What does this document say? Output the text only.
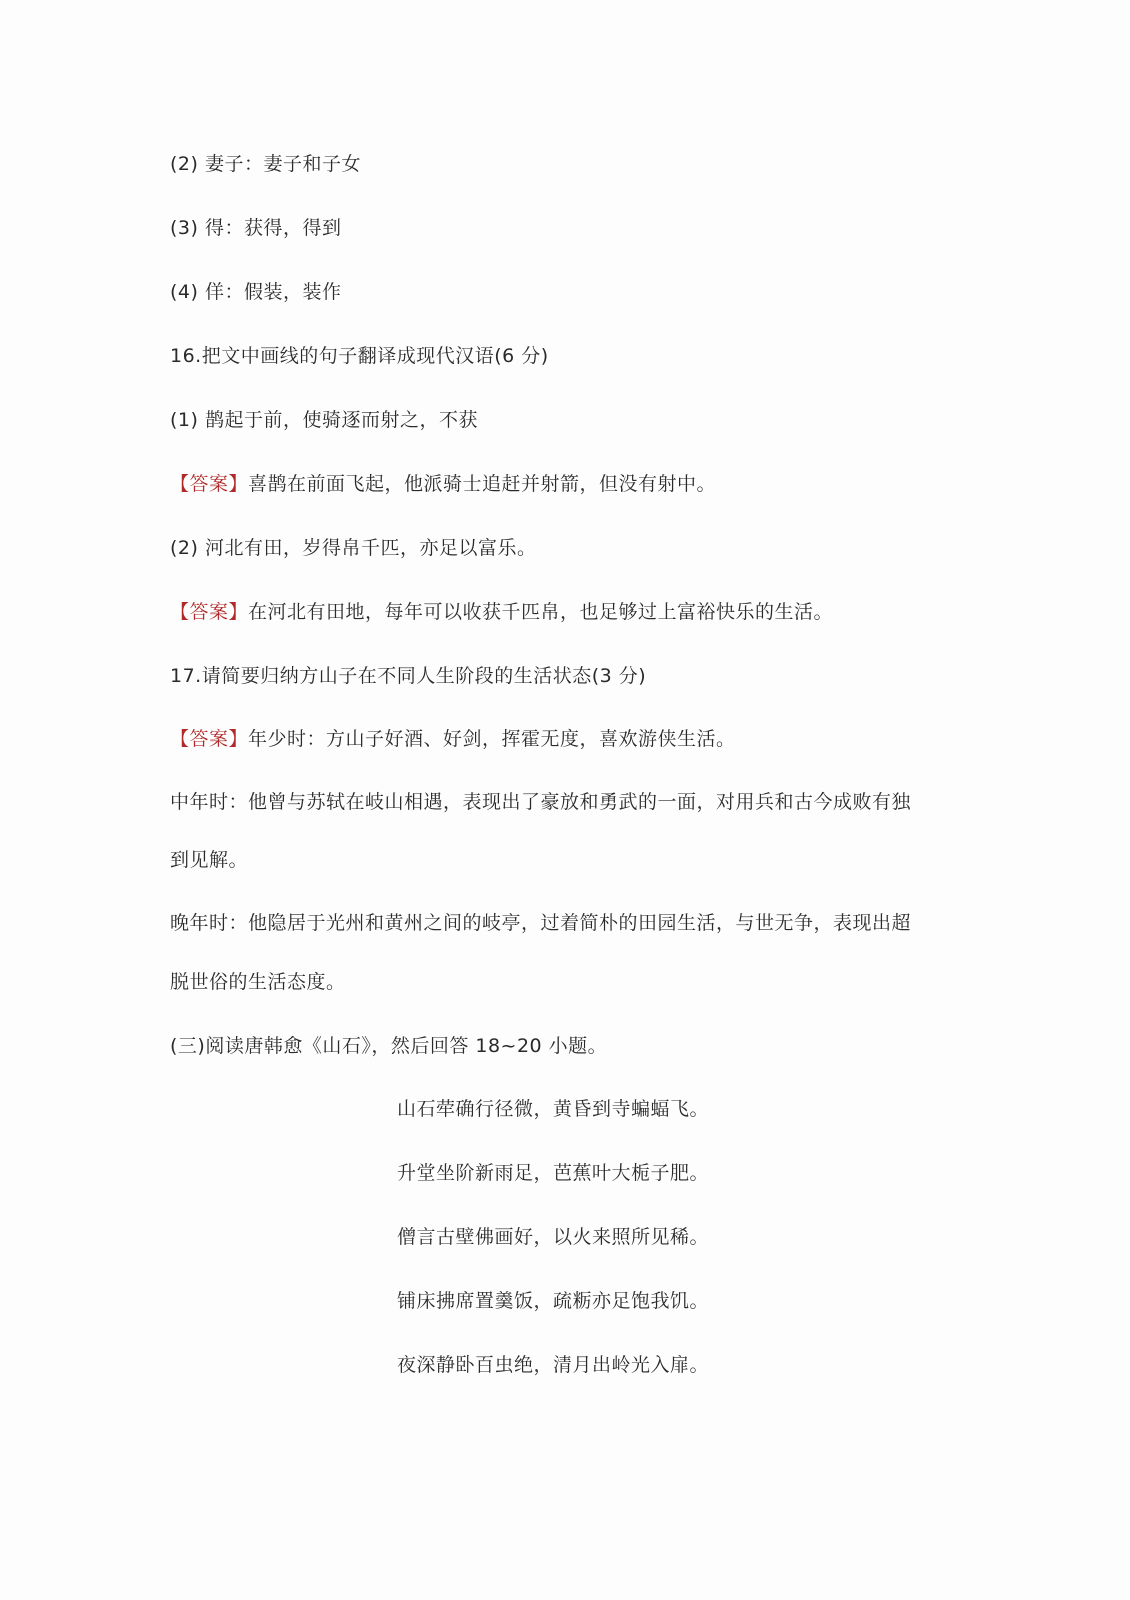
(2) 妻子：妻子和子女
(3) 得：获得，得到
(4) 佯：假装，装作
16.把文中画线的句子翻译成现代汉语(6 分)
(1) 鹊起于前，使骑逐而射之，不获
【答案】喜鹊在前面飞起，他派骑士追赶并射箭，但没有射中。
(2) 河北有田，岁得帛千匹，亦足以富乐。
【答案】在河北有田地，每年可以收获千匹帛，也足够过上富裕快乐的生活。
17.请简要归纳方山子在不同人生阶段的生活状态(3 分)
【答案】年少时：方山子好酒、好剑，挥霍无度，喜欢游侠生活。
中年时：他曾与苏轼在岐山相遇，表现出了豪放和勇武的一面，对用兵和古今成败有独
到见解。
晚年时：他隐居于光州和黄州之间的岐亭，过着简朴的田园生活，与世无争，表现出超
脱世俗的生活态度。
(三)阅读唐韩愈《山石》，然后回答 18~20 小题。
山石荦确行径微，黄昏到寺蝙蝠飞。
升堂坐阶新雨足，芭蕉叶大栀子肥。
僧言古壁佛画好，以火来照所见稀。
铺床拂席置羹饭，疏粝亦足饱我饥。
夜深静卧百虫绝，清月出岭光入扉。
